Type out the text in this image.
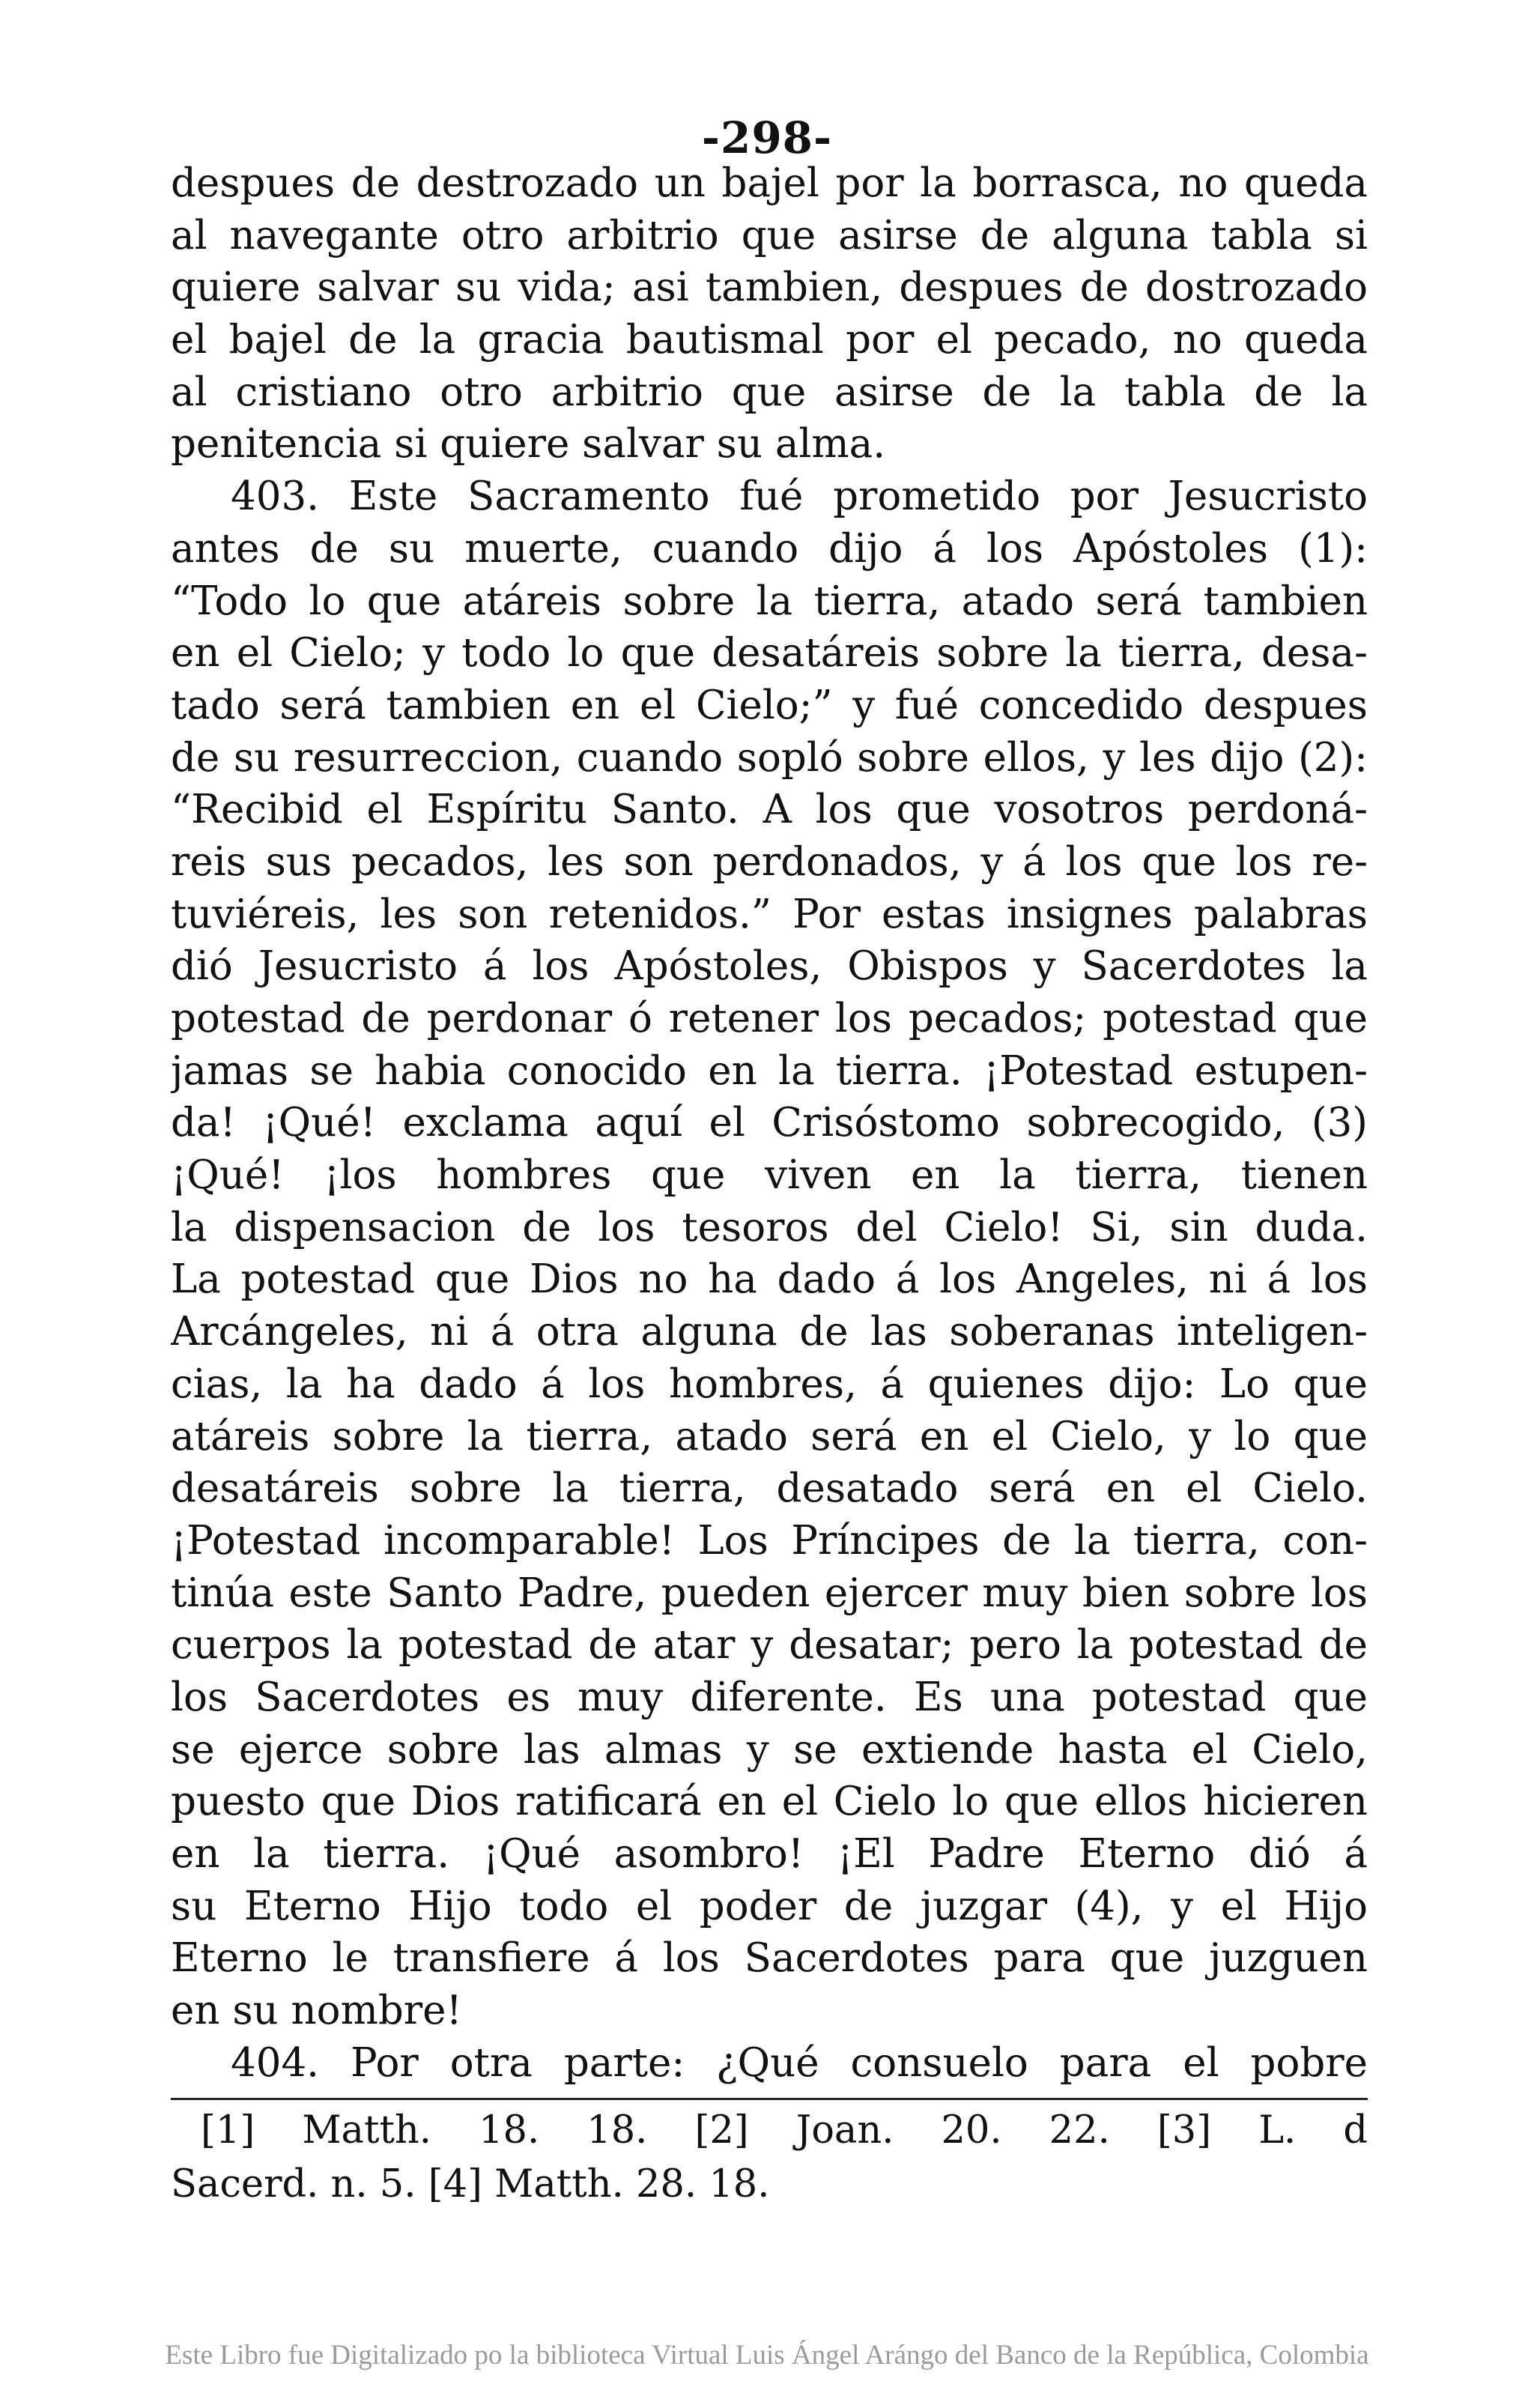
-298-
despues de destrozado un bajel por la borrasca, no queda
al navegante otro arbitrio que asirse de alguna tabla si
quiere salvar su vida; asi tambien, despues de dostrozado
el bajel de la gracia bautismal por el pecado, no queda
al cristiano otro arbitrio que asirse de la tabla de la
penitencia si quiere salvar su alma.
403. Este Sacramento fué prometido por Jesucristo
antes de su muerte, cuando dijo á los Apóstoles (1):
“Todo lo que atáreis sobre la tierra, atado será tambien
en el Cielo; y todo lo que desatáreis sobre la tierra, desa-
tado será tambien en el Cielo;” y fué concedido despues
de su resurreccion, cuando sopló sobre ellos, y les dijo (2):
“Recibid el Espíritu Santo. A los que vosotros perdoná-
reis sus pecados, les son perdonados, y á los que los re-
tuviéreis, les son retenidos.” Por estas insignes palabras
dió Jesucristo á los Apóstoles, Obispos y Sacerdotes la
potestad de perdonar ó retener los pecados; potestad que
jamas se habia conocido en la tierra. ¡Potestad estupen-
da! ¡Qué! exclama aquí el Crisóstomo sobrecogido, (3)
¡Qué! ¡los hombres que viven en la tierra, tienen
la dispensacion de los tesoros del Cielo! Si, sin duda.
La potestad que Dios no ha dado á los Angeles, ni á los
Arcángeles, ni á otra alguna de las soberanas inteligen-
cias, la ha dado á los hombres, á quienes dijo: Lo que
atáreis sobre la tierra, atado será en el Cielo, y lo que
desatáreis sobre la tierra, desatado será en el Cielo.
¡Potestad incomparable! Los Príncipes de la tierra, con-
tinúa este Santo Padre, pueden ejercer muy bien sobre los
cuerpos la potestad de atar y desatar; pero la potestad de
los Sacerdotes es muy diferente. Es una potestad que
se ejerce sobre las almas y se extiende hasta el Cielo,
puesto que Dios ratificará en el Cielo lo que ellos hicieren
en la tierra. ¡Qué asombro! ¡El Padre Eterno dió á
su Eterno Hijo todo el poder de juzgar (4), y el Hijo
Eterno le transfiere á los Sacerdotes para que juzguen
en su nombre!
404. Por otra parte: ¿Qué consuelo para el pobre
[1] Matth. 18. 18. [2] Joan. 20. 22. [3] L. d
Sacerd. n. 5. [4] Matth. 28. 18.
Este Libro fue Digitalizado po la biblioteca Virtual Luis Ángel Arángo del Banco de la República, Colombia
